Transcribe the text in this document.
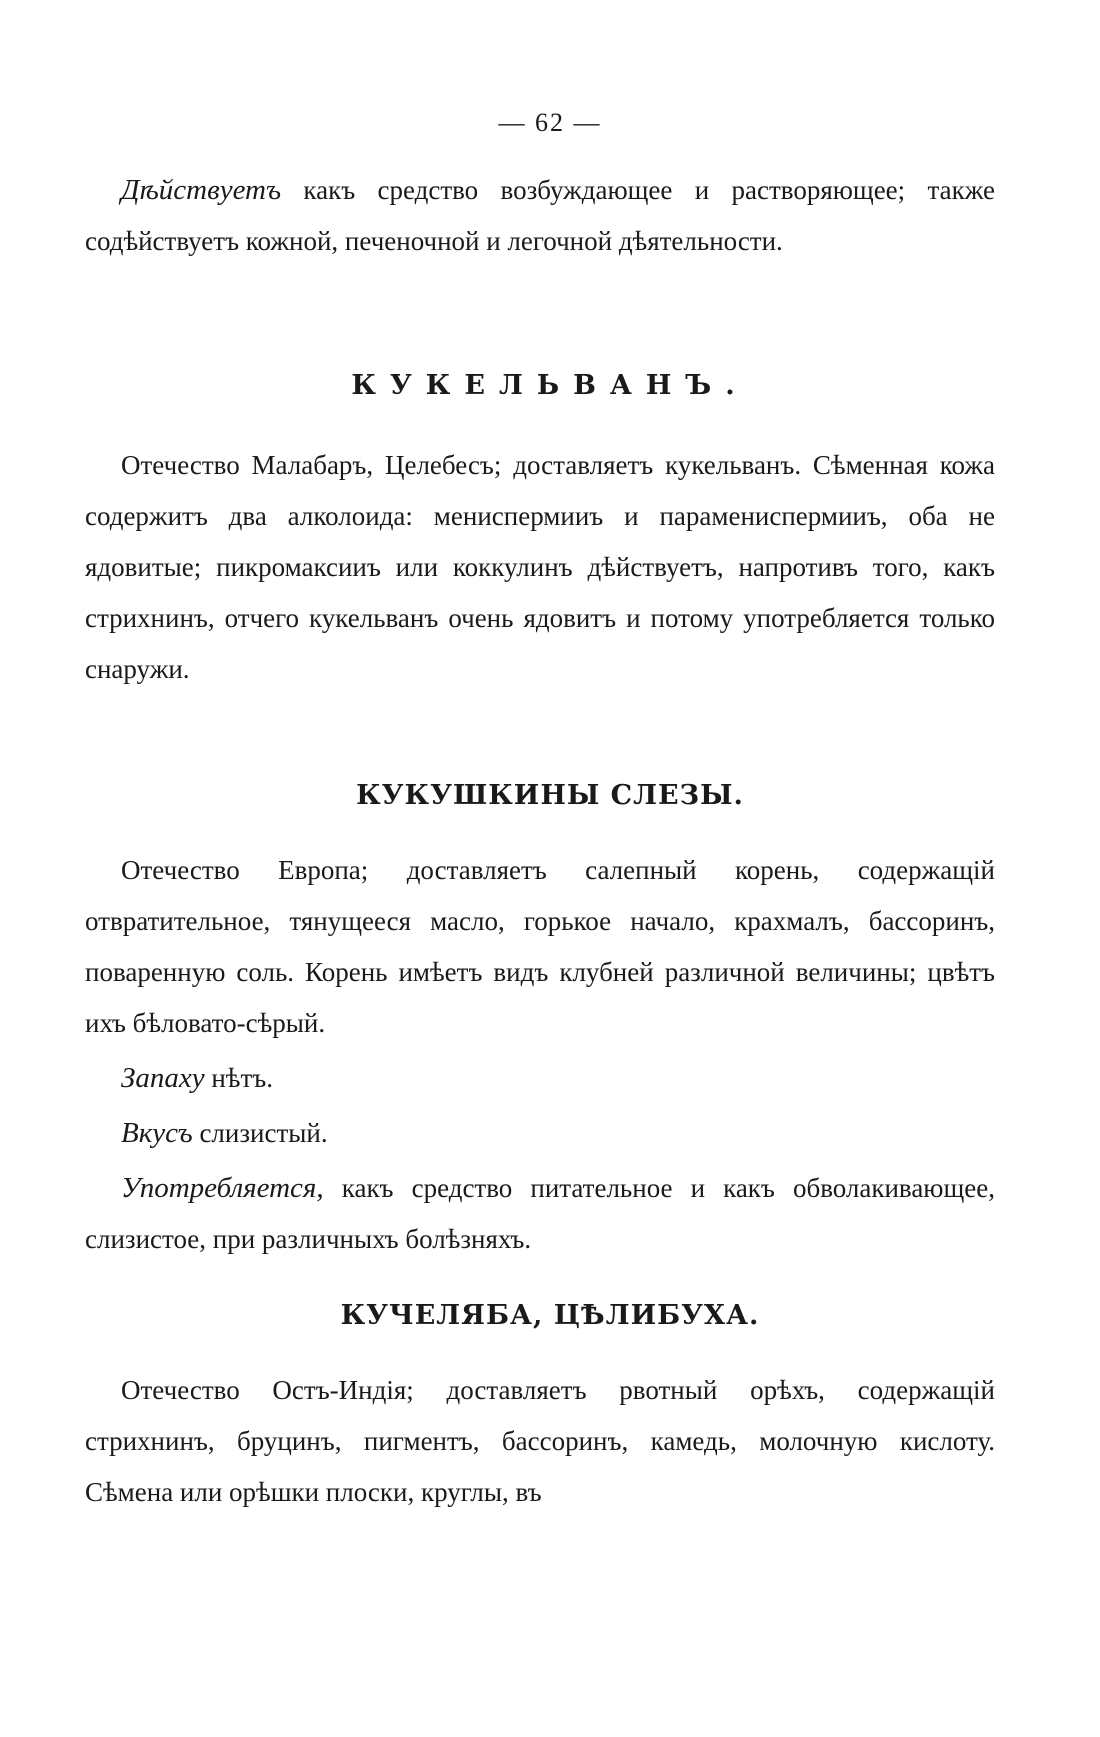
— 62 —

Дѣйствуетъ какъ средство возбуждающее и растворяющее; также содѣйствуетъ кожной, печеночной и легочной дѣятельности.

КУКЕЛЬВАНЪ.

Отечество Малабаръ, Целебесъ; доставляетъ кукельванъ. Сѣменная кожа содержитъ два алколоида: мениспермииъ и парамениспермииъ, оба не ядовитые; пикромаксииъ или коккулинъ дѣйствуетъ, напротивъ того, какъ стрихнинъ, отчего кукельванъ очень ядовитъ и потому употребляется только снаружи.

КУКУШКИНЫ СЛЕЗЫ.

Отечество Европа; доставляетъ салепный корень, содержащій отвратительное, тянущееся масло, горькое начало, крахмалъ, бассоринъ, поваренную соль. Корень имѣетъ видъ клубней различной величины; цвѣтъ ихъ бѣловато-сѣрый.

Запаху нѣтъ.

Вкусъ слизистый.

Употребляется, какъ средство питательное и какъ обволакивающее, слизистое, при различныхъ болѣзняхъ.

КУЧЕЛЯБА, ЦѢЛИБУХА.

Отечество Остъ-Индія; доставляетъ рвотный орѣхъ, содержащій стрихнинъ, бруцинъ, пигментъ, бассоринъ, камедь, молочную кислоту. Сѣмена или орѣшки плоски, круглы, въ
